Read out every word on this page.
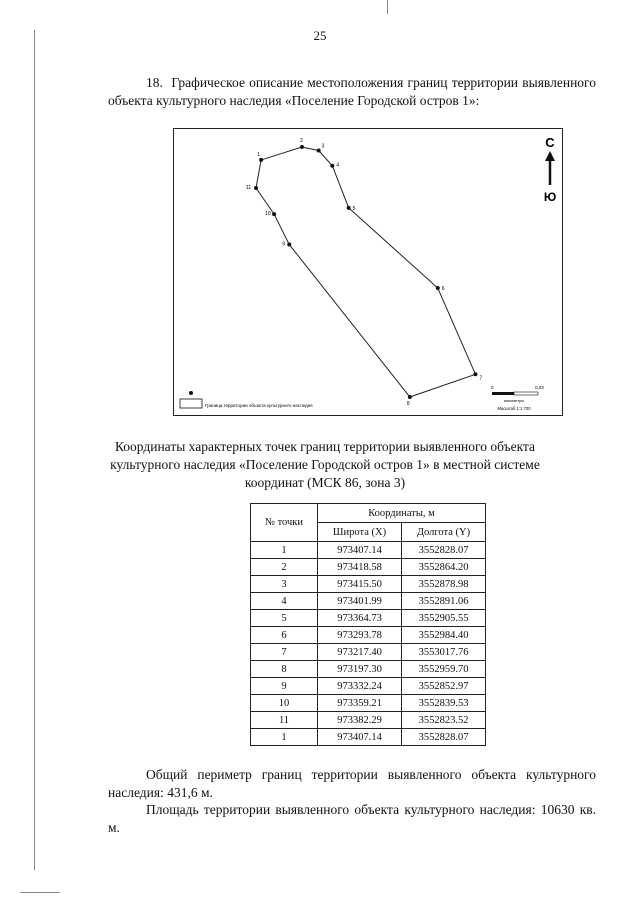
25
18. Графическое описание местоположения границ территории выявленного объекта культурного наследия «Поселение Городской остров 1»:
1
2
3
4
5
6
7
8
9
10
11
С
Ю
Граница территории объекта культурного наследия
0	0,03
километры
Масштаб 1:1 700
Координаты характерных точек границ территории выявленного объекта культурного наследия «Поселение Городской остров 1» в местной системе координат (МСК 86, зона 3)
№ точки	Координаты, м	
	Широта (X)	Долгота (Y)
1	973407.14	3552828.07
2	973418.58	3552864.20
3	973415.50	3552878.98
4	973401.99	3552891.06
5	973364.73	3552905.55
6	973293.78	3552984.40
7	973217.40	3553017.76
8	973197.30	3552959.70
9	973332.24	3552852.97
10	973359.21	3552839.53
11	973382.29	3552823.52
1	973407.14	3552828.07
Общий периметр границ территории выявленного объекта культурного наследия: 431,6 м.
Площадь территории выявленного объекта культурного наследия: 10630 кв. м.
